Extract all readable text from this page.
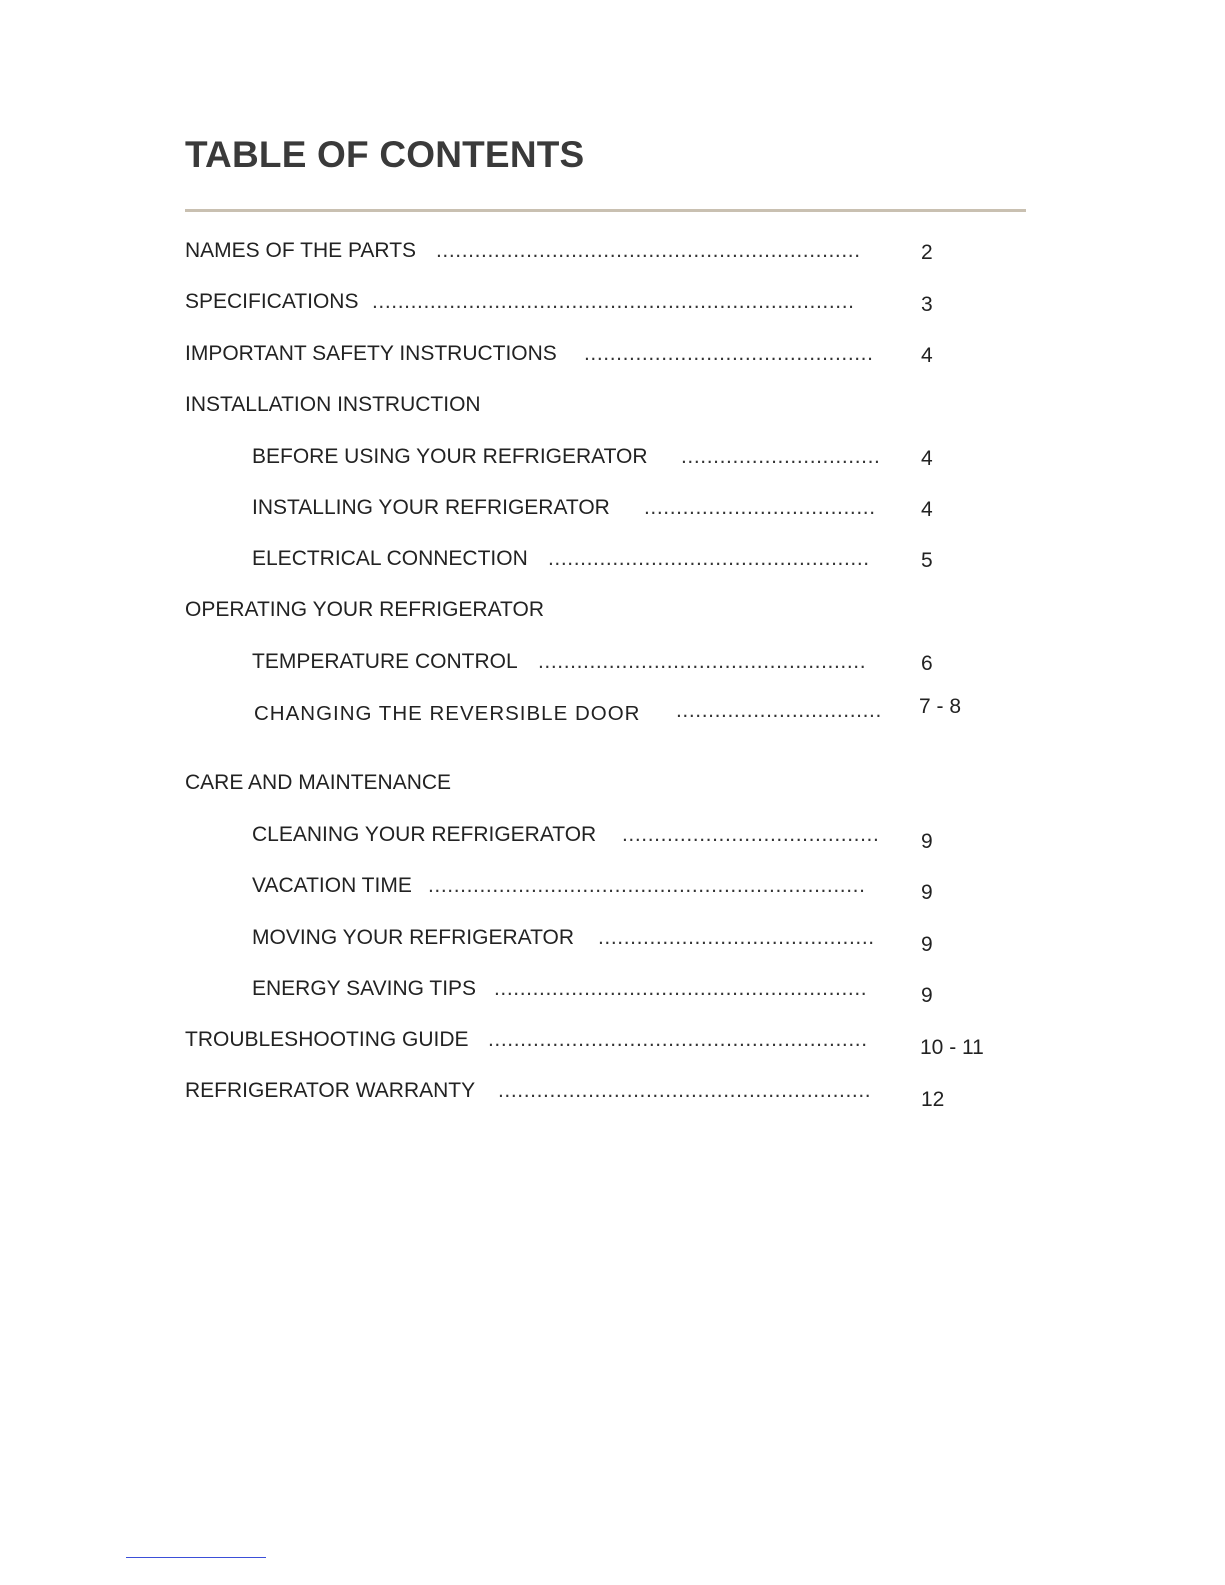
TABLE OF CONTENTS
NAMES OF THE PARTS ..................................................................	2
SPECIFICATIONS ...........................................................................	3
IMPORTANT SAFETY INSTRUCTIONS .............................................	4
INSTALLATION INSTRUCTION
BEFORE USING YOUR REFRIGERATOR ...............................	4
INSTALLING YOUR REFRIGERATOR ....................................	4
ELECTRICAL CONNECTION ..................................................	5
OPERATING YOUR REFRIGERATOR
TEMPERATURE CONTROL ...................................................	6
CHANGING THE REVERSIBLE DOOR ................................	7 - 8
CARE AND MAINTENANCE
CLEANING YOUR REFRIGERATOR ........................................	9
VACATION TIME ....................................................................	9
MOVING YOUR REFRIGERATOR ...........................................	9
ENERGY SAVING TIPS ..........................................................	9
TROUBLESHOOTING GUIDE ...........................................................	10 - 11
REFRIGERATOR WARRANTY ..........................................................	12
